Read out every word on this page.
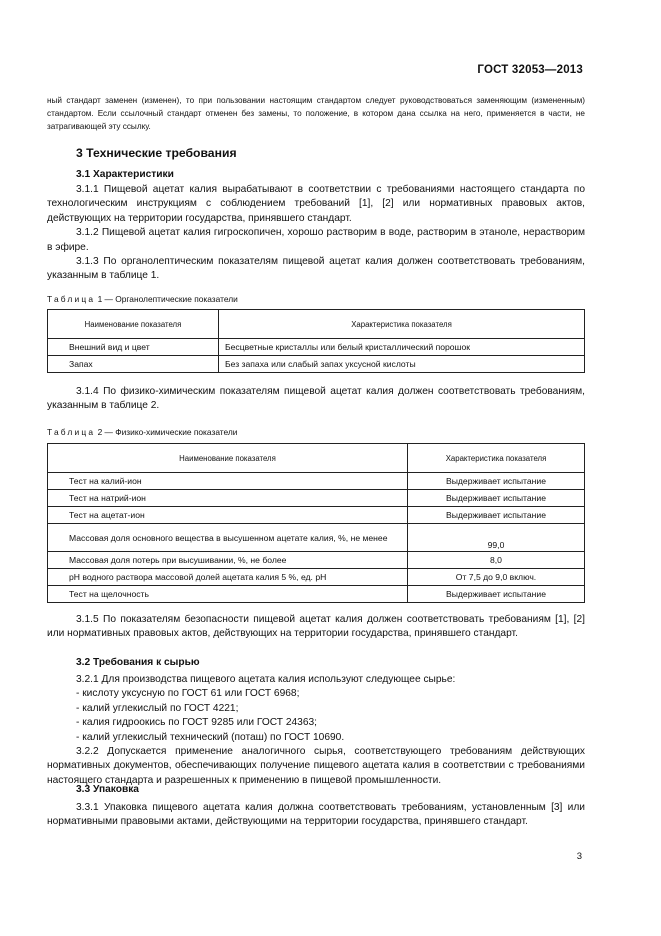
ГОСТ 32053—2013

ный стандарт заменен (изменен), то при пользовании настоящим стандартом следует руководствоваться заменяющим (измененным) стандартом. Если ссылочный стандарт отменен без замены, то положение, в котором дана ссылка на него, применяется в части, не затрагивающей эту ссылку.

3 Технические требования
3.1 Характеристики

3.1.1 Пищевой ацетат калия вырабатывают в соответствии с требованиями настоящего стандарта по технологическим инструкциям с соблюдением требований [1], [2] или нормативных правовых актов, действующих на территории государства, принявшего стандарт.

3.1.2 Пищевой ацетат калия гигроскопичен, хорошо растворим в воде, растворим в этаноле, нерастворим в эфире.

3.1.3 По органолептическим показателям пищевой ацетат калия должен соответствовать требованиям, указанным в таблице 1.

Таблица 1 — Органолептические показатели

Наименование показателя	Характеристика показателя
Внешний вид и цвет	Бесцветные кристаллы или белый кристаллический порошок
Запах	Без запаха или слабый запах уксусной кислоты

3.1.4 По физико-химическим показателям пищевой ацетат калия должен соответствовать требованиям, указанным в таблице 2.

Таблица 2 — Физико-химические показатели

Наименование показателя	Характеристика показателя
Тест на калий-ион	Выдерживает испытание
Тест на натрий-ион	Выдерживает испытание
Тест на ацетат-ион	Выдерживает испытание
Массовая доля основного вещества в высушенном ацетате калия, %, не менее	99,0
Массовая доля потерь при высушивании, %, не более	8,0
pH водного раствора массовой долей ацетата калия 5 %, ед. pH	От 7,5 до 9,0 включ.
Тест на щелочность	Выдерживает испытание

3.1.5 По показателям безопасности пищевой ацетат калия должен соответствовать требованиям [1], [2] или нормативных правовых актов, действующих на территории государства, принявшего стандарт.

3.2 Требования к сырью

3.2.1 Для производства пищевого ацетата калия используют следующее сырье:

- кислоту уксусную по ГОСТ 61 или ГОСТ 6968;
- калий углекислый по ГОСТ 4221;
- калия гидроокись по ГОСТ 9285 или ГОСТ 24363;
- калий углекислый технический (поташ) по ГОСТ 10690.

3.2.2 Допускается применение аналогичного сырья, соответствующего требованиям действующих нормативных документов, обеспечивающих получение пищевого ацетата калия в соответствии с требованиями настоящего стандарта и разрешенных к применению в пищевой промышленности.

3.3 Упаковка

3.3.1 Упаковка пищевого ацетата калия должна соответствовать требованиям, установленным [3] или нормативными правовыми актами, действующими на территории государства, принявшего стандарт.

3
